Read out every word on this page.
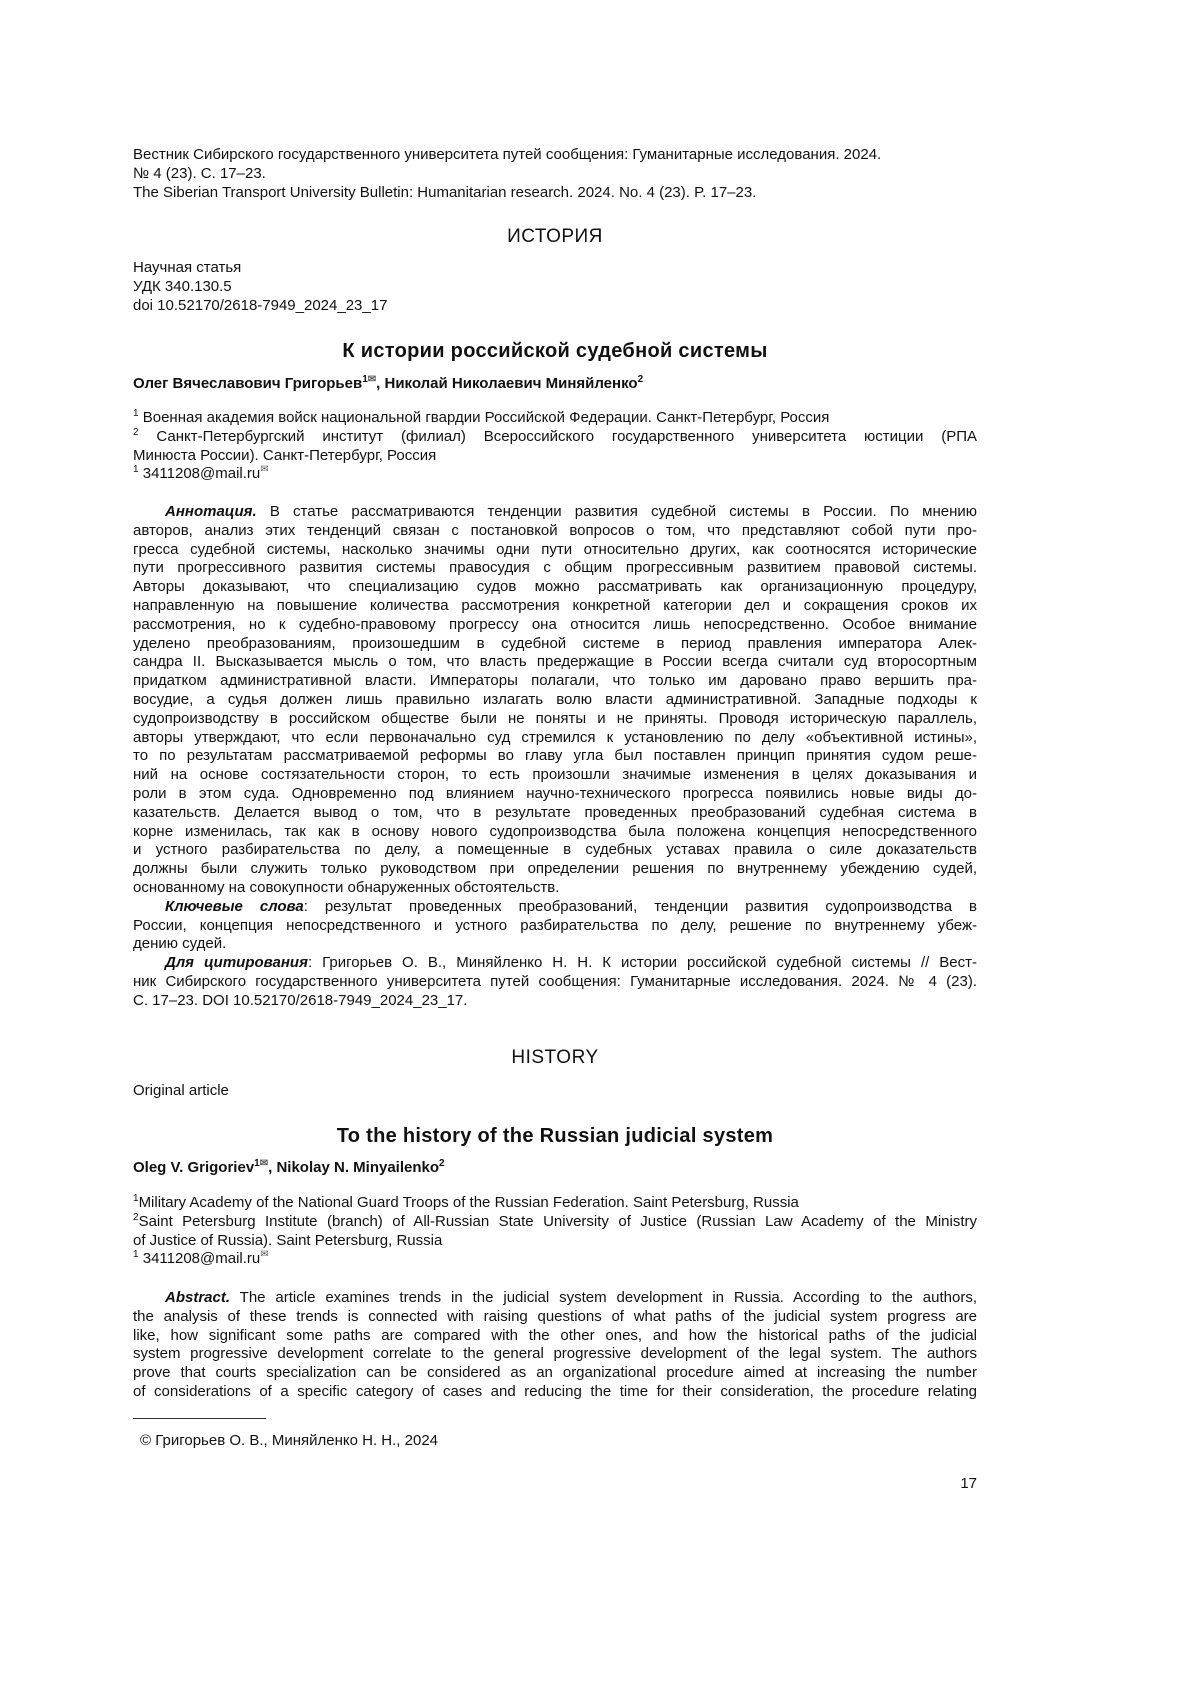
Вестник Сибирского государственного университета путей сообщения: Гуманитарные исследования. 2024.
№ 4 (23). С. 17–23.
The Siberian Transport University Bulletin: Humanitarian research. 2024. No. 4 (23). P. 17–23.
ИСТОРИЯ
Научная статья
УДК 340.130.5
doi 10.52170/2618-7949_2024_23_17
К истории российской судебной системы
Олег Вячеславович Григорьев1✉, Николай Николаевич Миняйленко2
1 Военная академия войск национальной гвардии Российской Федерации. Санкт-Петербург, Россия
2 Санкт-Петербургский институт (филиал) Всероссийского государственного университета юстиции (РПА
Минюста России). Санкт-Петербург, Россия
1 3411208@mail.ru✉
Аннотация. В статье рассматриваются тенденции развития судебной системы в России. По мнению
авторов, анализ этих тенденций связан с постановкой вопросов о том, что представляют собой пути про-
гресса судебной системы, насколько значимы одни пути относительно других, как соотносятся исторические
пути прогрессивного развития системы правосудия с общим прогрессивным развитием правовой системы.
Авторы доказывают, что специализацию судов можно рассматривать как организационную процедуру,
направленную на повышение количества рассмотрения конкретной категории дел и сокращения сроков их
рассмотрения, но к судебно-правовому прогрессу она относится лишь непосредственно. Особое внимание
уделено преобразованиям, произошедшим в судебной системе в период правления императора Алек-
сандра II. Высказывается мысль о том, что власть предержащие в России всегда считали суд второсортным
придатком административной власти. Императоры полагали, что только им даровано право вершить пра-
восудие, а судья должен лишь правильно излагать волю власти административной. Западные подходы к
судопроизводству в российском обществе были не поняты и не приняты. Проводя историческую параллель,
авторы утверждают, что если первоначально суд стремился к установлению по делу «объективной истины»,
то по результатам рассматриваемой реформы во главу угла был поставлен принцип принятия судом реше-
ний на основе состязательности сторон, то есть произошли значимые изменения в целях доказывания и
роли в этом суда. Одновременно под влиянием научно-технического прогресса появились новые виды до-
казательств. Делается вывод о том, что в результате проведенных преобразований судебная система в
корне изменилась, так как в основу нового судопроизводства была положена концепция непосредственного
и устного разбирательства по делу, а помещенные в судебных уставах правила о силе доказательств
должны были служить только руководством при определении решения по внутреннему убеждению судей,
основанному на совокупности обнаруженных обстоятельств.
Ключевые слова: результат проведенных преобразований, тенденции развития судопроизводства в
России, концепция непосредственного и устного разбирательства по делу, решение по внутреннему убеж-
дению судей.
Для цитирования: Григорьев О. В., Миняйленко Н. Н. К истории российской судебной системы // Вест-
ник Сибирского государственного университета путей сообщения: Гуманитарные исследования. 2024. № 4 (23).
С. 17–23. DOI 10.52170/2618-7949_2024_23_17.
HISTORY
Original article
To the history of the Russian judicial system
Oleg V. Grigoriev1✉, Nikolay N. Minyailenko2
1Military Academy of the National Guard Troops of the Russian Federation. Saint Petersburg, Russia
2Saint Petersburg Institute (branch) of All-Russian State University of Justice (Russian Law Academy of the Ministry
of Justice of Russia). Saint Petersburg, Russia
1 3411208@mail.ru✉
Abstract. The article examines trends in the judicial system development in Russia. According to the authors,
the analysis of these trends is connected with raising questions of what paths of the judicial system progress are
like, how significant some paths are compared with the other ones, and how the historical paths of the judicial
system progressive development correlate to the general progressive development of the legal system. The authors
prove that courts specialization can be considered as an organizational procedure aimed at increasing the number
of considerations of a specific category of cases and reducing the time for their consideration, the procedure relating
© Григорьев О. В., Миняйленко Н. Н., 2024
17
